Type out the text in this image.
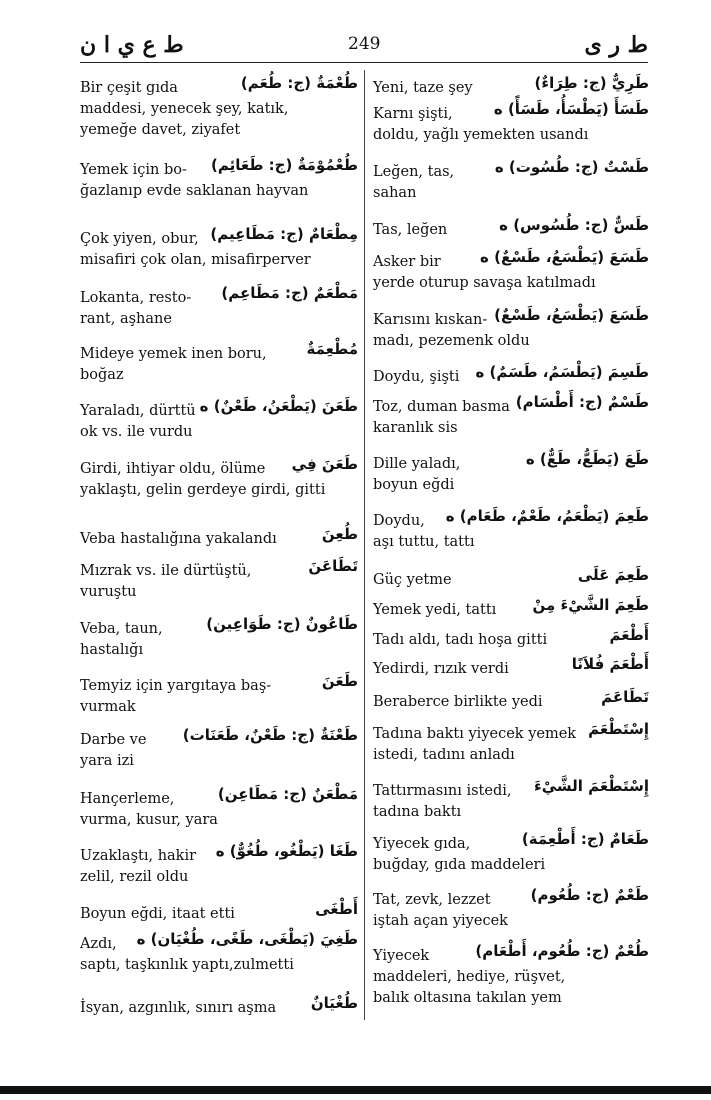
ط ع ي ا ن	249	ط ر ى
طُعْمَةٌ (ج: طُعَم)
Bir çeşit gıda
maddesi, yenecek şey, katık,
yemeğe davet, ziyafet
طُعْمُوْمَةٌ (ج: طَعَائِم)
Yemek için bo-
ğazlanıp evde saklanan hayvan
مِطْعَامٌ (ج: مَطَاعِيم)
Çok yiyen, obur,
misafiri çok olan, misafirperver
مَطْعَمٌ (ج: مَطَاعِم)
Lokanta, resto-
rant, aşhane
مُطْعِمَةٌ
Mideye yemek inen boru,
boğaz
طَعَنَ (يَطْعَنُ، طَعْنٌ) ه
Yaraladı, dürttü
ok vs. ile vurdu
طَعَنَ فِي
Girdi, ihtiyar oldu, ölüme
yaklaştı, gelin gerdeye girdi, gitti
طُعِنَ
Veba hastalığına yakalandı
تَطَاعَنَ
Mızrak vs. ile dürtüştü,
vuruştu
طَاعُونٌ (ج: طَوَاعِين)
Veba, taun,
hastalığı
طَعَنَ
Temyiz için yargıtaya baş-
vurmak
طَعْنَةٌ (ج: طَعْنٌ، طَعَنَات)
Darbe ve
yara izi
مَطْعَنٌ (ج: مَطَاعِن)
Hançerleme,
vurma, kusur, yara
طَغَا (يَطْغُو، طُغُوٌّ) ه
Uzaklaştı, hakir
zelil, rezil oldu
أَطْغَى
Boyun eğdi, itaat etti
طَغِيَ (يَطْغَى، طَغًى، طُغْيَان) ه
Azdı,
saptı, taşkınlık yaptı,zulmetti
طُغْيَانٌ
İsyan, azgınlık, sınırı aşma
طَرِيٌّ (ج: طِرَاءٌ)
Yeni, taze şey
طَسَأَ (يَطْسَأُ، طَسَأً) ه
Karnı şişti,
doldu, yağlı yemekten usandı
طَسْتٌ (ج: طُسُوت) ه
Leğen, tas,
sahan
طَسٌّ (ج: طُسُوس) ه
Tas, leğen
طَسَعَ (يَطْسَعُ، طَسْعٌ) ه
Asker bir
yerde oturup savaşa katılmadı
طَسَعَ (يَطْسَعُ، طَسْعٌ)
Karısını kıskan-
madı, pezemenk oldu
طَسِمَ (يَطْسَمُ، طَسَمٌ) ه
Doydu, şişti
طَسْمٌ (ج: أَطْسَام)
Toz, duman basma
karanlık sis
طَعَ (يَطَعُّ، طَعٌّ) ه
Dille yaladı,
boyun eğdi
طَعِمَ (يَطْعَمُ، طَعْمٌ، طَعَام) ه
Doydu,
aşı tuttu, tattı
طَعِمَ عَلَى
Güç yetme
طَعِمَ الشَّيْءَ مِنْ
Yemek yedi, tattı
أَطْعَمَ
Tadı aldı, tadı hoşa gitti
أَطْعَمَ فُلاَنًا
Yedirdi, rızık verdi
تَطَاعَمَ
Beraberce birlikte yedi
إِسْتَطْعَمَ
Tadına baktı yiyecek yemek
istedi, tadını anladı
إِسْتَطْعَمَ الشَّيْءَ
Tattırmasını istedi,
tadına baktı
طَعَامٌ (ج: أَطْعِمَة)
Yiyecek gıda,
buğday, gıda maddeleri
طَعْمٌ (ج: طُعُوم)
Tat, zevk, lezzet
iştah açan yiyecek
طُعْمٌ (ج: طُعُوم، أَطْعَام)
Yiyecek
maddeleri, hediye, rüşvet,
balık oltasına takılan yem
